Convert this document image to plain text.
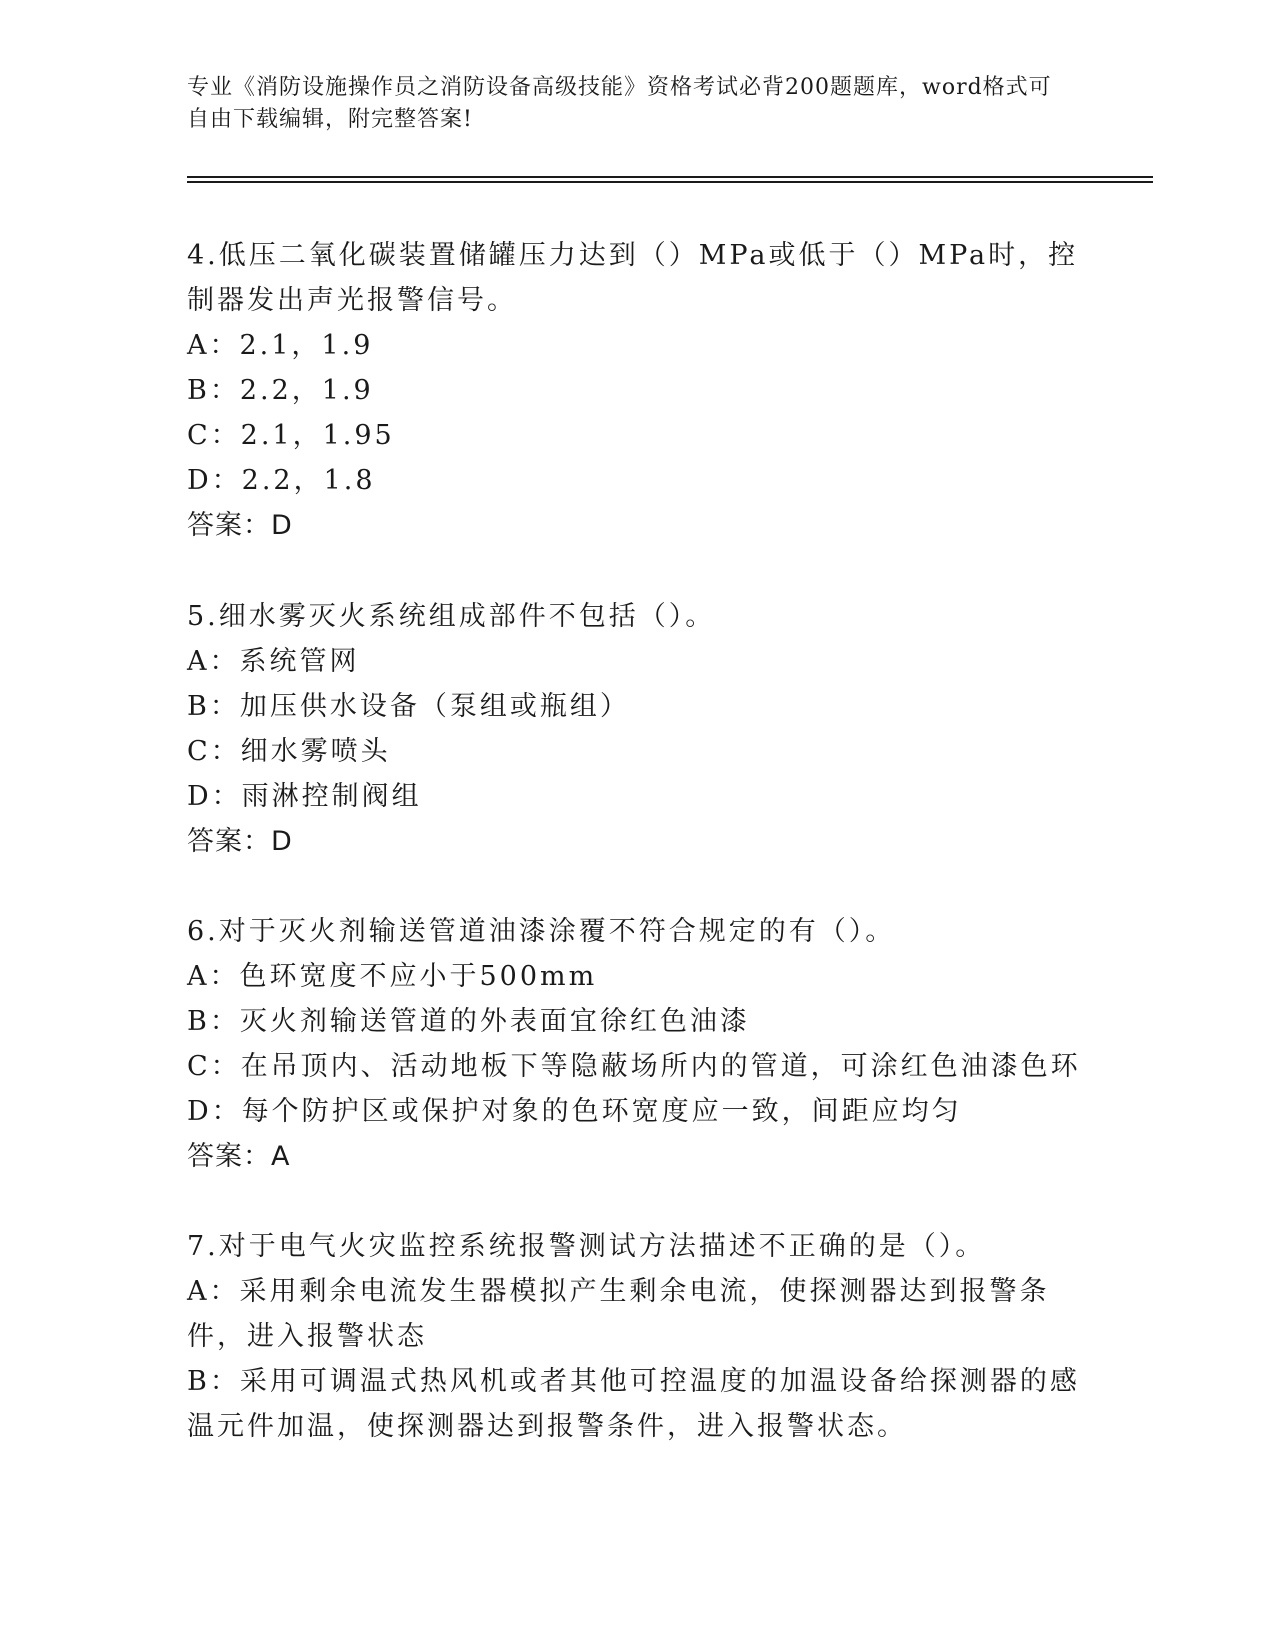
专业《消防设施操作员之消防设备高级技能》资格考试必背200题题库，word格式可自由下载编辑，附完整答案!
4.低压二氧化碳装置储罐压力达到（）MPa或低于（）MPa时，控制器发出声光报警信号。
A：2.1，1.9
B：2.2，1.9
C：2.1，1.95
D：2.2，1.8
答案：D
5.细水雾灭火系统组成部件不包括（）。
A：系统管网
B：加压供水设备（泵组或瓶组）
C：细水雾喷头
D：雨淋控制阀组
答案：D
6.对于灭火剂输送管道油漆涂覆不符合规定的有（）。
A：色环宽度不应小于500mm
B：灭火剂输送管道的外表面宜徐红色油漆
C：在吊顶内、活动地板下等隐蔽场所内的管道，可涂红色油漆色环
D：每个防护区或保护对象的色环宽度应一致，间距应均匀
答案：A
7.对于电气火灾监控系统报警测试方法描述不正确的是（）。
A：采用剩余电流发生器模拟产生剩余电流，使探测器达到报警条件，进入报警状态
B：采用可调温式热风机或者其他可控温度的加温设备给探测器的感温元件加温，使探测器达到报警条件，进入报警状态。
